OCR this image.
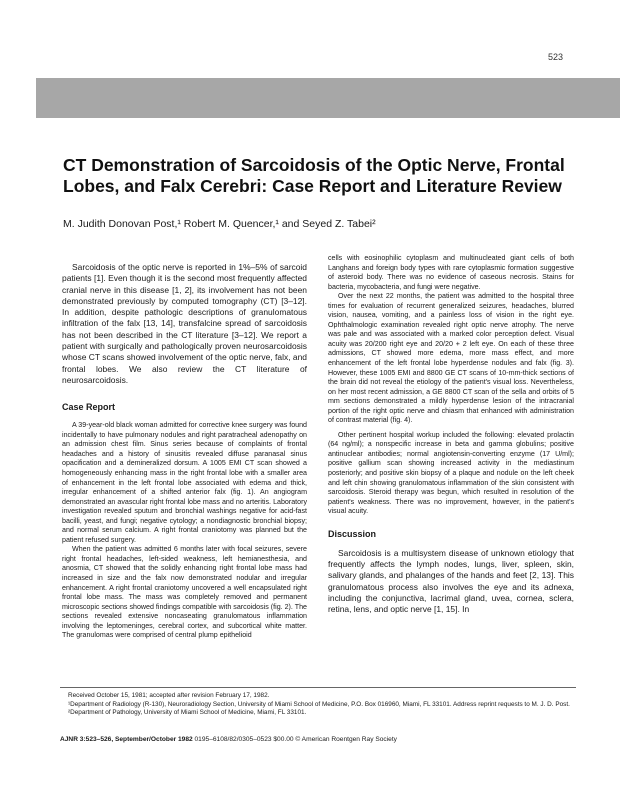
523
CT Demonstration of Sarcoidosis of the Optic Nerve, Frontal Lobes, and Falx Cerebri: Case Report and Literature Review
M. Judith Donovan Post,¹ Robert M. Quencer,¹ and Seyed Z. Tabei²

Sarcoidosis of the optic nerve is reported in 1%–5% of sarcoid patients [1]. Even though it is the second most frequently affected cranial nerve in this disease [1, 2], its involvement has not been demonstrated previously by computed tomography (CT) [3–12]. In addition, despite pathologic descriptions of granulomatous infiltration of the falx [13, 14], transfalcine spread of sarcoidosis has not been described in the CT literature [3–12]. We report a patient with surgically and pathologically proven neurosarcoidosis whose CT scans showed involvement of the optic nerve, falx, and frontal lobes. We also review the CT literature of neurosarcoidosis.

Case Report

A 39-year-old black woman admitted for corrective knee surgery was found incidentally to have pulmonary nodules and right paratracheal adenopathy on an admission chest film. Sinus series because of complaints of frontal headaches and a history of sinusitis revealed diffuse paranasal sinus opacification and a demineralized dorsum. A 1005 EMI CT scan showed a homogeneously enhancing mass in the right frontal lobe with a smaller area of enhancement in the left frontal lobe associated with edema and thick, irregular enhancement of a shifted anterior falx (fig. 1). An angiogram demonstrated an avascular right frontal lobe mass and no arteritis. Laboratory investigation revealed sputum and bronchial washings negative for acid-fast bacilli, yeast, and fungi; negative cytology; a nondiagnostic bronchial biopsy; and normal serum calcium. A right frontal craniotomy was planned but the patient refused surgery.

When the patient was admitted 6 months later with focal seizures, severe right frontal headaches, left-sided weakness, left hemianesthesia, and anosmia, CT showed that the solidly enhancing right frontal lobe mass had increased in size and the falx now demonstrated nodular and irregular enhancement. A right frontal craniotomy uncovered a well encapsulated right frontal lobe mass. The mass was completely removed and permanent microscopic sections showed findings compatible with sarcoidosis (fig. 2). The sections revealed extensive noncaseating granulomatous inflammation involving the leptomeninges, cerebral cortex, and subcortical white matter. The granulomas were comprised of central plump epithelioid

cells with eosinophilic cytoplasm and multinucleated giant cells of both Langhans and foreign body types with rare cytoplasmic formation suggestive of asteroid body. There was no evidence of caseous necrosis. Stains for bacteria, mycobacteria, and fungi were negative.

Over the next 22 months, the patient was admitted to the hospital three times for evaluation of recurrent generalized seizures, headaches, blurred vision, nausea, vomiting, and a painless loss of vision in the right eye. Ophthalmologic examination revealed right optic nerve atrophy. The nerve was pale and was associated with a marked color perception defect. Visual acuity was 20/200 right eye and 20/20 + 2 left eye. On each of these three admissions, CT showed more edema, more mass effect, and more enhancement of the left frontal lobe hyperdense nodules and falx (fig. 3). However, these 1005 EMI and 8800 GE CT scans of 10-mm-thick sections of the brain did not reveal the etiology of the patient's visual loss. Nevertheless, on her most recent admission, a GE 8800 CT scan of the sella and orbits of 5 mm sections demonstrated a mildly hyperdense lesion of the intracranial portion of the right optic nerve and chiasm that enhanced with administration of contrast material (fig. 4).

Other pertinent hospital workup included the following: elevated prolactin (64 ng/ml); a nonspecific increase in beta and gamma globulins; positive antinuclear antibodies; normal angiotensin-converting enzyme (17 U/ml); positive gallium scan showing increased activity in the mediastinum posteriorly; and positive skin biopsy of a plaque and nodule on the left cheek and left chin showing granulomatous inflammation of the skin consistent with sarcoidosis. Steroid therapy was begun, which resulted in resolution of the patient's weakness. There was no improvement, however, in the patient's visual acuity.

Discussion

Sarcoidosis is a multisystem disease of unknown etiology that frequently affects the lymph nodes, lungs, liver, spleen, skin, salivary glands, and phalanges of the hands and feet [2, 13]. This granulomatous process also involves the eye and its adnexa, including the conjunctiva, lacrimal gland, uvea, cornea, sclera, retina, lens, and optic nerve [1, 15]. In

Received October 15, 1981; accepted after revision February 17, 1982.

¹Department of Radiology (R-130), Neuroradiology Section, University of Miami School of Medicine, P.O. Box 016960, Miami, FL 33101. Address reprint requests to M. J. D. Post.

²Department of Pathology, University of Miami School of Medicine, Miami, FL 33101.

AJNR 3:523–526, September/October 1982 0195–6108/82/0305–0523 $00.00 © American Roentgen Ray Society
